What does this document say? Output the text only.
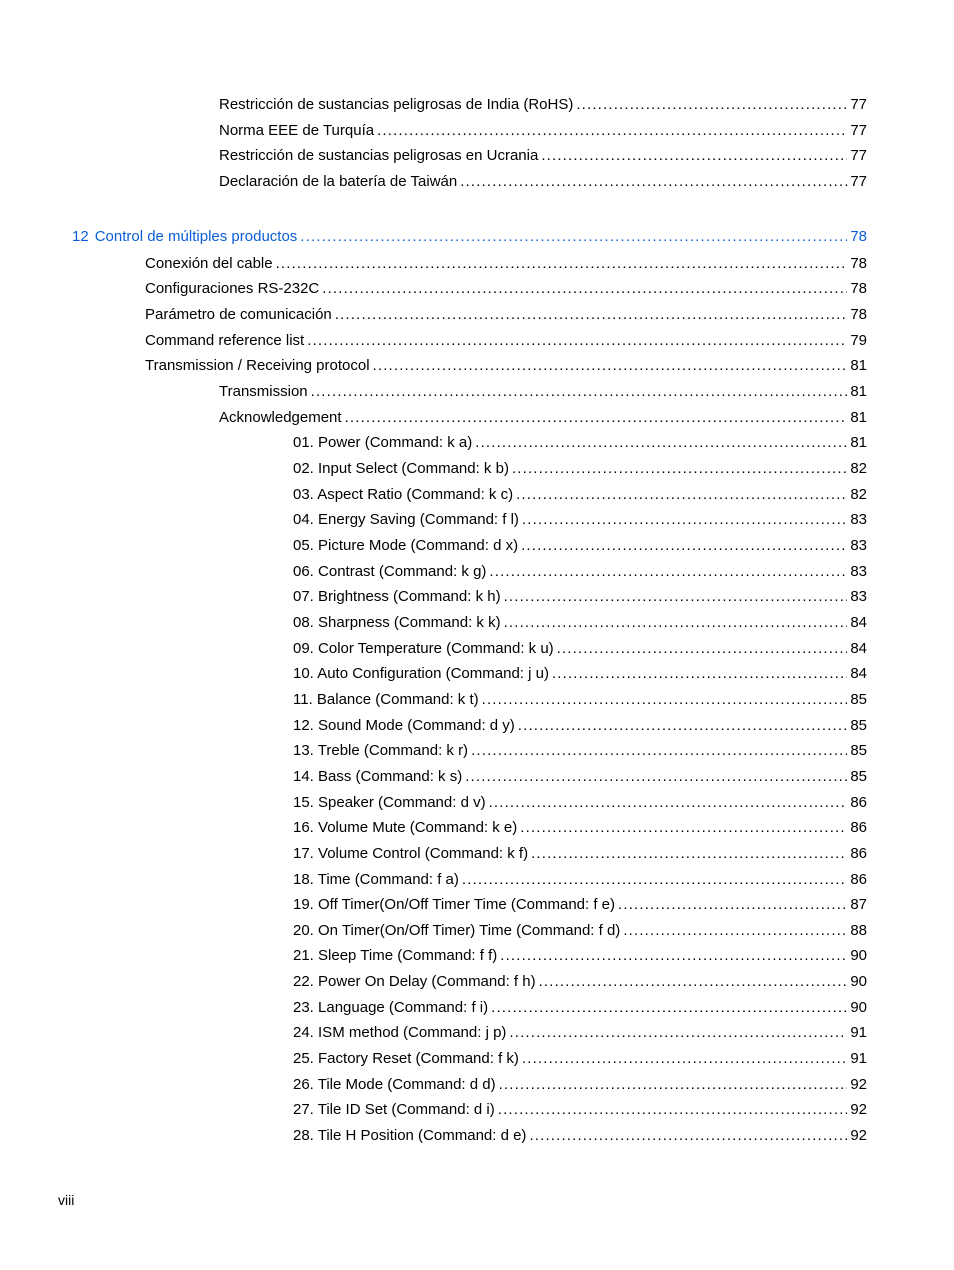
Restricción de sustancias peligrosas de India (RoHS) . . .	77
Norma EEE de Turquía . . .	77
Restricción de sustancias peligrosas en Ucrania . . .	77
Declaración de la batería de Taiwán . . .	77
12 Control de múltiples productos . . .	78
Conexión del cable . . .	78
Configuraciones RS-232C . . .	78
Parámetro de comunicación . . .	78
Command reference list . . .	79
Transmission / Receiving protocol . . .	81
Transmission . . .	81
Acknowledgement . . .	81
01. Power (Command: k a) . . .	81
02. Input Select (Command: k b) . . .	82
03. Aspect Ratio (Command: k c) . . .	82
04. Energy Saving (Command: f l) . . .	83
05. Picture Mode (Command: d x) . . .	83
06. Contrast (Command: k g) . . .	83
07. Brightness (Command: k h) . . .	83
08. Sharpness (Command: k k) . . .	84
09. Color Temperature (Command: k u) . . .	84
10. Auto Configuration (Command: j u) . . .	84
11. Balance (Command: k t) . . .	85
12. Sound Mode (Command: d y) . . .	85
13. Treble (Command: k r) . . .	85
14. Bass (Command: k s) . . .	85
15. Speaker (Command: d v) . . .	86
16. Volume Mute (Command: k e) . . .	86
17. Volume Control (Command: k f) . . .	86
18. Time (Command: f a) . . .	86
19. Off Timer(On/Off Timer Time (Command: f e) . . .	87
20. On Timer(On/Off Timer) Time (Command: f d) . . .	88
21. Sleep Time (Command: f f) . . .	90
22. Power On Delay (Command: f h) . . .	90
23. Language (Command: f i) . . .	90
24. ISM method (Command: j p) . . .	91
25. Factory Reset (Command: f k) . . .	91
26. Tile Mode (Command: d d) . . .	92
27. Tile ID Set (Command: d i) . . .	92
28. Tile H Position (Command: d e) . . .	92
viii
